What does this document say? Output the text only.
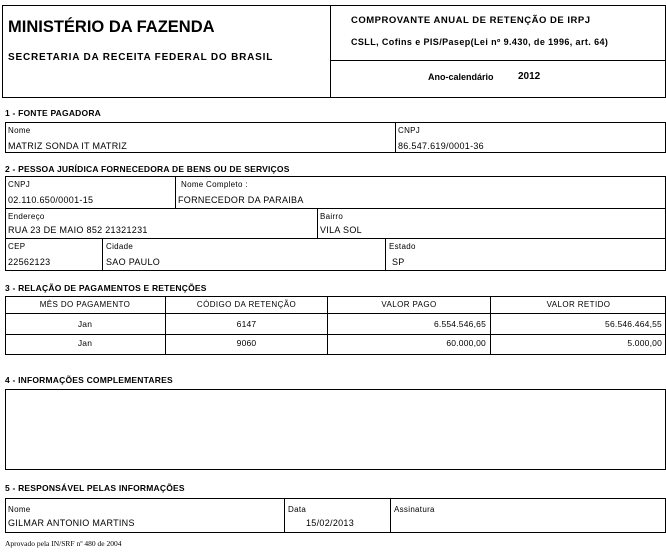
MINISTÉRIO DA FAZENDA
SECRETARIA DA RECEITA FEDERAL DO BRASIL
COMPROVANTE ANUAL DE RETENÇÃO DE IRPJ
CSLL, Cofins e PIS/Pasep(Lei nº 9.430, de 1996, art. 64)
Ano-calendário 2012
1 - FONTE PAGADORA
Nome
MATRIZ SONDA IT MATRIZ
CNPJ
86.547.619/0001-36
2 - PESSOA JURÍDICA FORNECEDORA DE BENS OU DE SERVIÇOS
CNPJ
02.110.650/0001-15
Nome Completo :
FORNECEDOR DA PARAIBA
Endereço
RUA 23 DE MAIO 852 21321231
Bairro
VILA SOL
CEP
22562123
Cidade
SAO PAULO
Estado
SP
3 - RELAÇÃO DE PAGAMENTOS E RETENÇÕES
MÊS DO PAGAMENTO	CÓDIGO DA RETENÇÃO	VALOR PAGO	VALOR RETIDO
Jan	6147	6.554.546,65	56.546.464,55
Jan	9060	60.000,00	5.000,00
4 - INFORMAÇÕES COMPLEMENTARES
5 - RESPONSÁVEL PELAS INFORMAÇÕES
Nome
GILMAR ANTONIO MARTINS
Data
15/02/2013
Assinatura
Aprovado pela IN/SRF nº 480 de 2004
